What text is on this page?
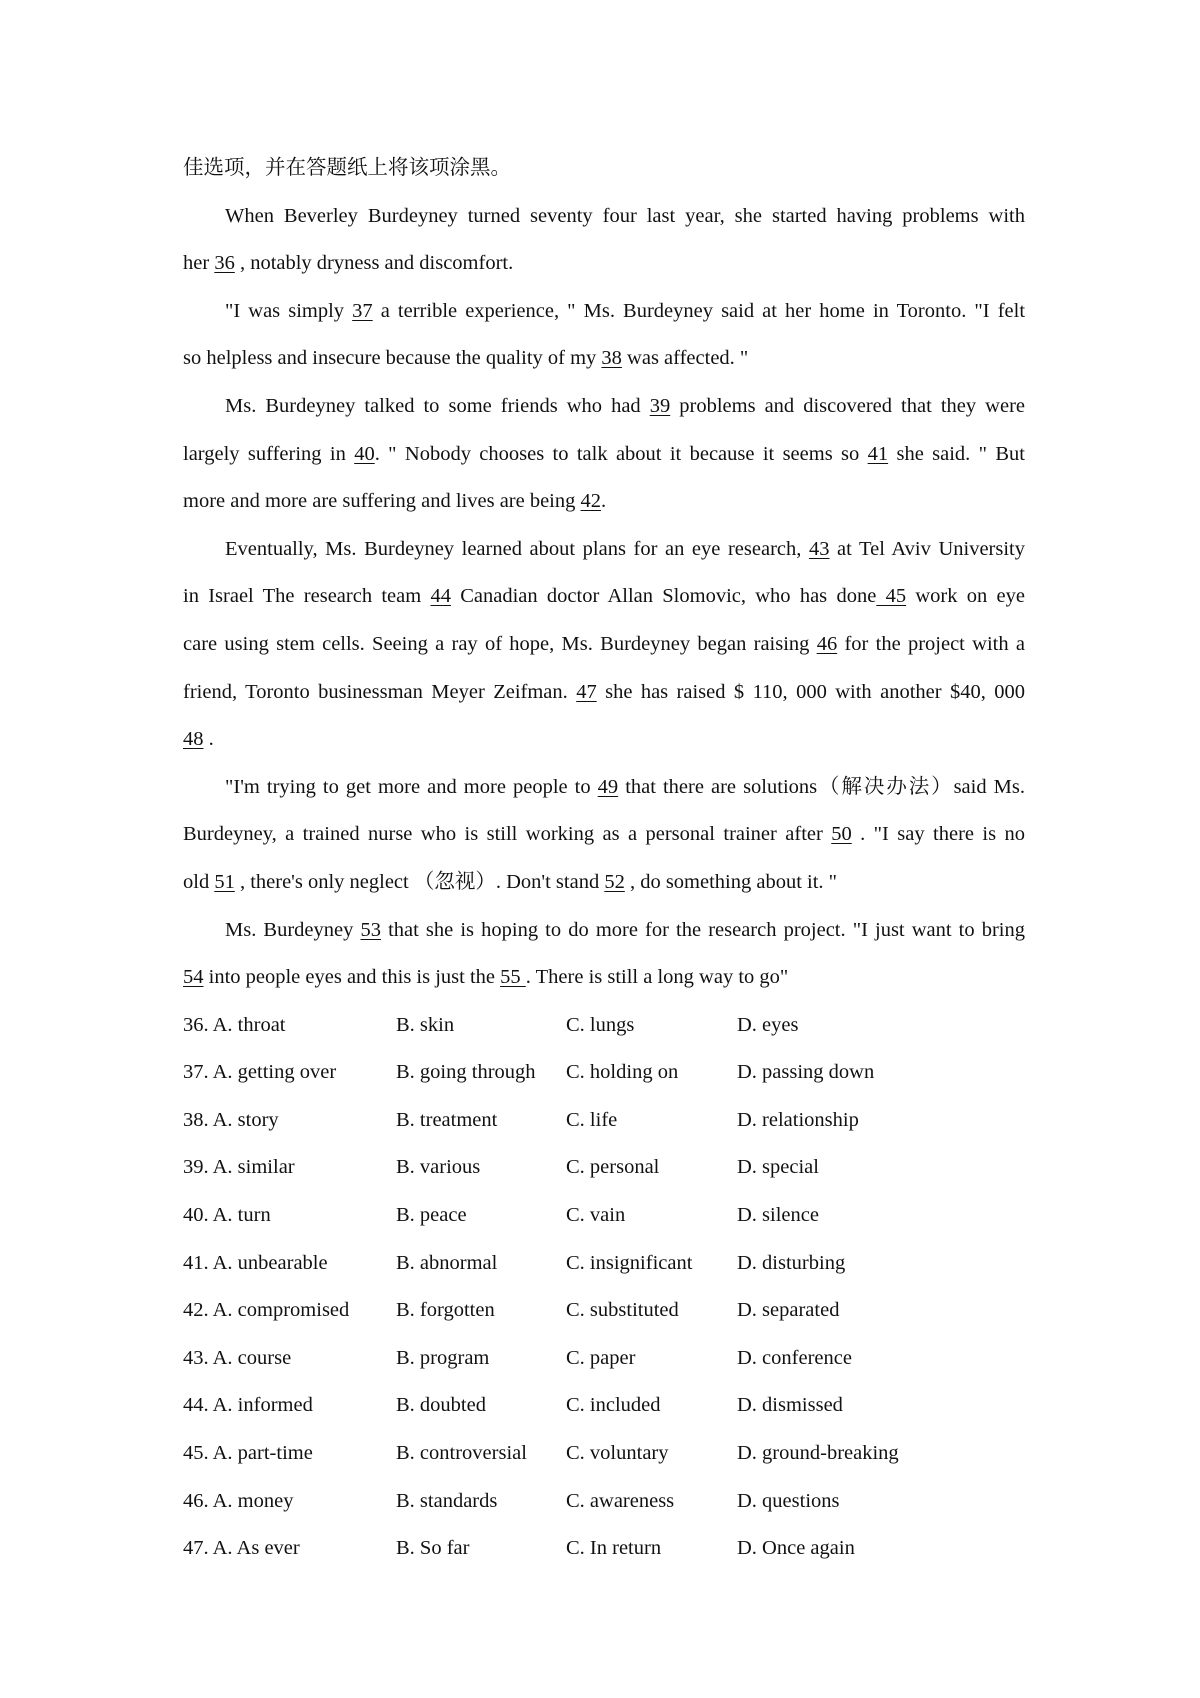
佳选项，并在答题纸上将该项涂黑。
When Beverley Burdeyney turned seventy four last year, she started having problems with
her 36 , notably dryness and discomfort.
"I was simply 37 a terrible experience, " Ms. Burdeyney said at her home in Toronto. "I felt
so helpless and insecure because the quality of my 38 was affected. "
Ms. Burdeyney talked to some friends who had 39 problems and discovered that they were
largely suffering in 40. " Nobody chooses to talk about it because it seems so 41 she said. " But
more and more are suffering and lives are being 42.
Eventually, Ms. Burdeyney learned about plans for an eye research, 43 at Tel Aviv University
in Israel The research team 44 Canadian doctor Allan Slomovic, who has done 45 work on eye
care using stem cells. Seeing a ray of hope, Ms. Burdeyney began raising 46 for the project with a
friend, Toronto businessman Meyer Zeifman. 47 she has raised $ 110, 000 with another $40, 000
48 .
"I'm trying to get more and more people to 49 that there are solutions（解决办法）said Ms.
Burdeyney, a trained nurse who is still working as a personal trainer after 50 . "I say there is no
old 51 , there's only neglect （忽视）. Don't stand 52 , do something about it. "
Ms. Burdeyney 53 that she is hoping to do more for the research project. "I just want to bring
54 into people eyes and this is just the 55 . There is still a long way to go"
36. A. throat	B. skin	C. lungs	D. eyes
37. A. getting over	B. going through	C. holding on	D. passing down
38. A. story	B. treatment	C. life	D. relationship
39. A. similar	B. various	C. personal	D. special
40. A. turn	B. peace	C. vain	D. silence
41. A. unbearable	B. abnormal	C. insignificant	D. disturbing
42. A. compromised	B. forgotten	C. substituted	D. separated
43. A. course	B. program	C. paper	D. conference
44. A. informed	B. doubted	C. included	D. dismissed
45. A. part-time	B. controversial	C. voluntary	D. ground-breaking
46. A. money	B. standards	C. awareness	D. questions
47. A. As ever	B. So far	C. In return	D. Once again
